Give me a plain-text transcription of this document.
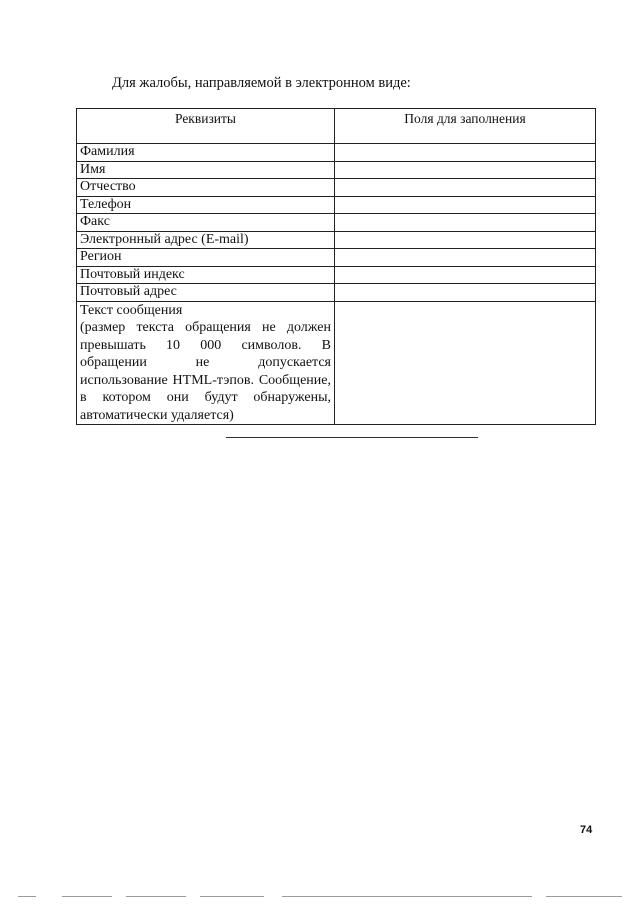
Для жалобы, направляемой в электронном виде:
Реквизиты	Поля для заполнения
Фамилия	
Имя	
Отчество	
Телефон	
Факс	
Электронный адрес (E-mail)	
Регион	
Почтовый индекс	
Почтовый адрес	

Текст сообщения
(размер текста обращения не должен превышать 10 000 символов. В обращении не допускается использование HTML-тэпов. Сообщение, в котором они будут обнаружены, автоматически удаляется)	

74
